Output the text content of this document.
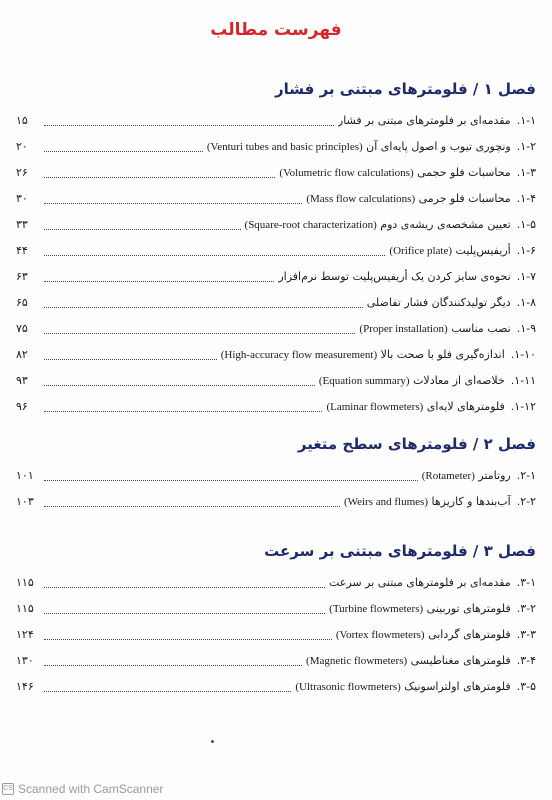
فهرست مطالب
فصل ۱ / فلومترهای مبتنی بر فشار
۱-۱.
مقدمه‌ای بر فلومترهای مبتنی بر فشار
۱۵
۱-۲.
ونچوری تیوب و اصول پایه‌ای آن (Venturi tubes and basic principles)
۲۰
۱-۳.
محاسبات فلو حجمی (Volumetric flow calculations)
۲۶
۱-۴.
محاسبات فلو جرمی (Mass flow calculations)
۳۰
۱-۵.
تعیین مشخصه‌ی ریشه‌ی دوم (Square-root characterization)
۳۳
۱-۶.
أریفیس‌پلیت (Orifice plate)
۴۴
۱-۷.
نحوه‌ی سایز کردن یک أریفیس‌پلیت توسط نرم‌افزار
۶۳
۱-۸.
دیگر تولیدکنندگان فشار تفاضلی
۶۵
۱-۹.
نصب مناسب (Proper installation)
۷۵
۱-۱۰.
اندازه‌گیری فلو با صحت بالا (High-accuracy flow measurement)
۸۲
۱-۱۱.
خلاصه‌ای از معادلات (Equation summary)
۹۳
۱-۱۲.
فلومترهای لایه‌ای (Laminar flowmeters)
۹۶
فصل ۲ / فلومترهای سطح متغیر
۲-۱.
روتامتر (Rotameter)
۱۰۱
۲-۲.
آب‌بندها و کاریزها (Weirs and flumes)
۱۰۳
فصل ۳ / فلومترهای مبتنی بر سرعت
۳-۱.
مقدمه‌ای بر فلومترهای مبتنی بر سرعت
۱۱۵
۳-۲.
فلومترهای توربینی (Turbine flowmeters)
۱۱۵
۳-۳.
فلومترهای گردابی (Vortex flowmeters)
۱۲۴
۳-۴.
فلومترهای مغناطیسی (Magnetic flowmeters)
۱۳۰
۳-۵.
فلومترهای اولتراسونیک (Ultrasonic flowmeters)
۱۴۶
CS Scanned with CamScanner
